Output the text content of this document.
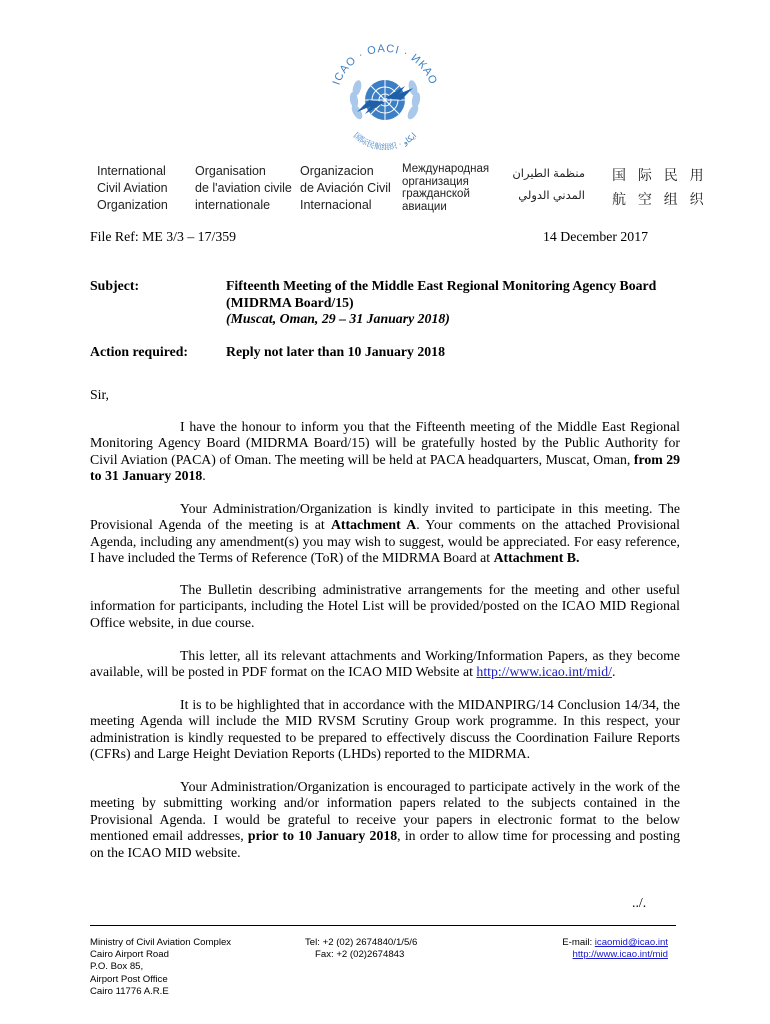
ICAO · OACI · ИКАО
国际民航组织 · ايكاو
International
Civil Aviation
Organization
Organisation
de l'aviation civile
internationale
Organizacion
de Aviación Civil
Internacional
Международная
организация
гражданской
авиации
منظمة الطيران
المدني الدولي
国 际 民 用
航 空 组 织
File Ref: ME 3/3 – 17/359	14 December 2017
Subject:	Fifteenth Meeting of the Middle East Regional Monitoring Agency Board
(MIDRMA Board/15)
(Muscat, Oman, 29 – 31 January 2018)
Action required:	Reply not later than 10 January 2018
Sir,

I have the honour to inform you that the Fifteenth meeting of the Middle East Regional Monitoring Agency Board (MIDRMA Board/15) will be gratefully hosted by the Public Authority for Civil Aviation (PACA) of Oman. The meeting will be held at PACA headquarters, Muscat, Oman, from 29 to 31 January 2018.

Your Administration/Organization is kindly invited to participate in this meeting. The Provisional Agenda of the meeting is at Attachment A. Your comments on the attached Provisional Agenda, including any amendment(s) you may wish to suggest, would be appreciated. For easy reference, I have included the Terms of Reference (ToR) of the MIDRMA Board at Attachment B.

The Bulletin describing administrative arrangements for the meeting and other useful information for participants, including the Hotel List will be provided/posted on the ICAO MID Regional Office website, in due course.

This letter, all its relevant attachments and Working/Information Papers, as they become available, will be posted in PDF format on the ICAO MID Website at http://www.icao.int/mid/.

It is to be highlighted that in accordance with the MIDANPIRG/14 Conclusion 14/34, the meeting Agenda will include the MID RVSM Scrutiny Group work programme. In this respect, your administration is kindly requested to be prepared to effectively discuss the Coordination Failure Reports (CFRs) and Large Height Deviation Reports (LHDs) reported to the MIDRMA.

Your Administration/Organization is encouraged to participate actively in the work of the meeting by submitting working and/or information papers related to the subjects contained in the Provisional Agenda. I would be grateful to receive your papers in electronic format to the below mentioned email addresses, prior to 10 January 2018, in order to allow time for processing and posting on the ICAO MID website.

../.
Ministry of Civil Aviation Complex
Cairo Airport Road
P.O. Box 85,
Airport Post Office
Cairo 11776 A.R.E
Tel: +2 (02) 2674840/1/5/6
Fax: +2 (02)2674843
E-mail: icaomid@icao.int
http://www.icao.int/mid
